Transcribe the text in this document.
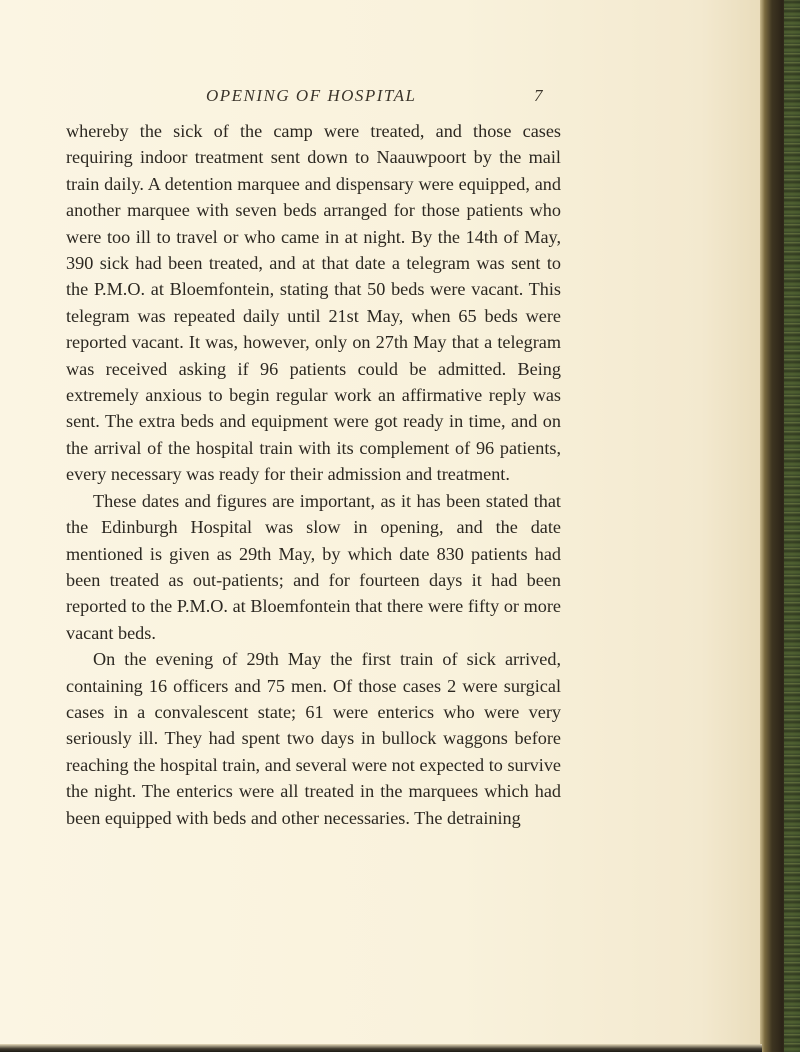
OPENING OF HOSPITAL	7

whereby the sick of the camp were treated, and those cases requiring indoor treatment sent down to Naauwpoort by the mail train daily. A detention marquee and dispensary were equipped, and another marquee with seven beds arranged for those patients who were too ill to travel or who came in at night. By the 14th of May, 390 sick had been treated, and at that date a telegram was sent to the P.M.O. at Bloemfontein, stating that 50 beds were vacant. This telegram was repeated daily until 21st May, when 65 beds were reported vacant. It was, however, only on 27th May that a telegram was received asking if 96 patients could be admitted. Being extremely anxious to begin regular work an affirmative reply was sent. The extra beds and equipment were got ready in time, and on the arrival of the hospital train with its complement of 96 patients, every necessary was ready for their admission and treatment.

These dates and figures are important, as it has been stated that the Edinburgh Hospital was slow in opening, and the date mentioned is given as 29th May, by which date 830 patients had been treated as out-patients; and for fourteen days it had been reported to the P.M.O. at Bloemfontein that there were fifty or more vacant beds.

On the evening of 29th May the first train of sick arrived, containing 16 officers and 75 men. Of those cases 2 were surgical cases in a convalescent state; 61 were enterics who were very seriously ill. They had spent two days in bullock waggons before reaching the hospital train, and several were not expected to survive the night. The enterics were all treated in the marquees which had been equipped with beds and other necessaries. The detraining
